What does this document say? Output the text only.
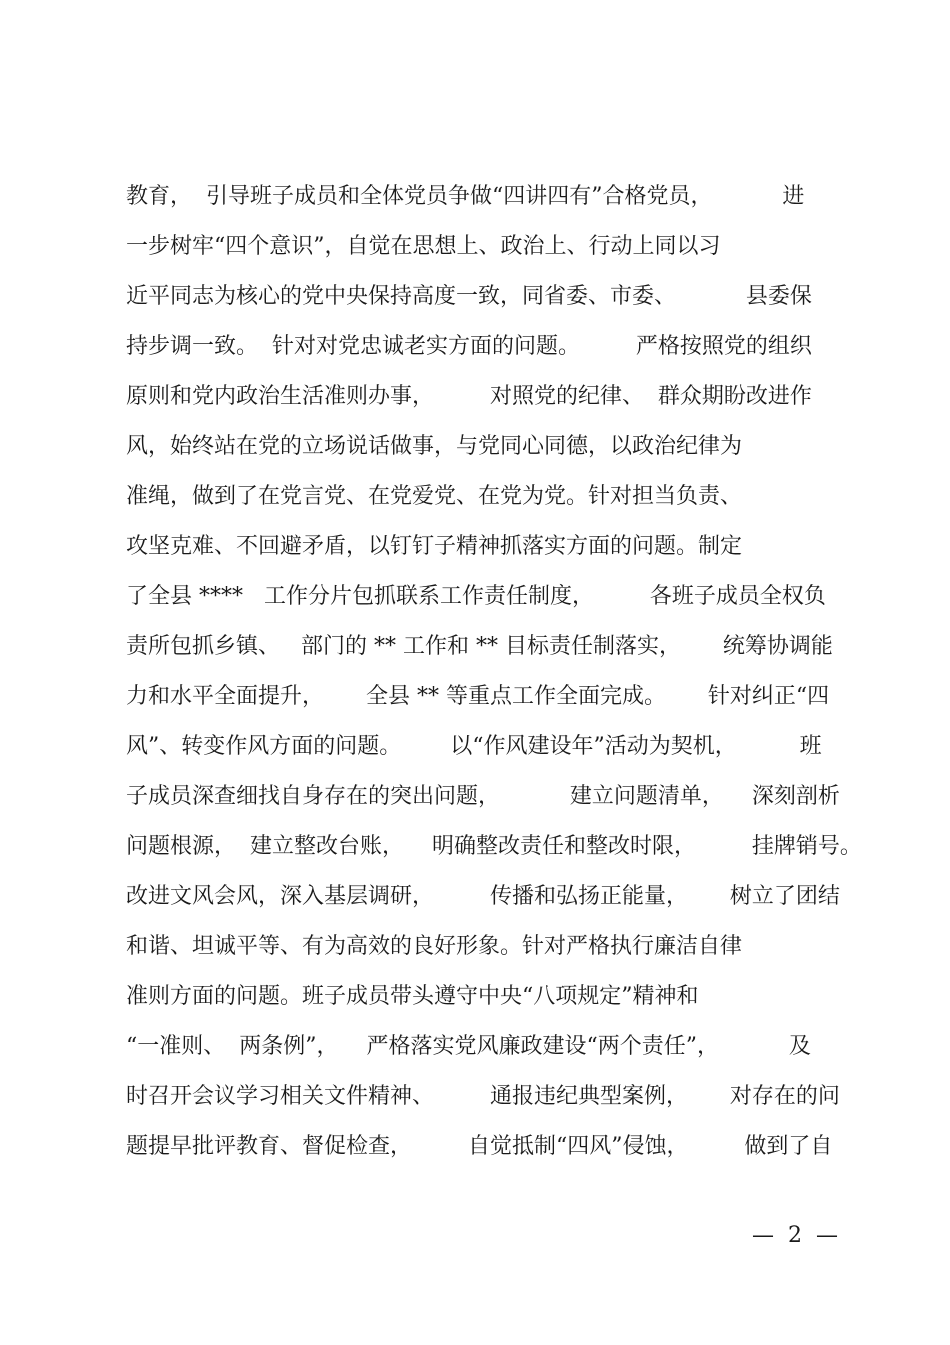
教育，  引导班子成员和全体党员争做“四讲四有”合格党员，          进
一步树牢“四个意识”，自觉在思想上、政治上、行动上同以习
近平同志为核心的党中央保持高度一致，同省委、市委、          县委保
持步调一致。  针对对党忠诚老实方面的问题。        严格按照党的组织
原则和党内政治生活准则办事，        对照党的纪律、  群众期盼改进作
风，始终站在党的立场说话做事，与党同心同德，以政治纪律为
准绳，做到了在党言党、在党爱党、在党为党。针对担当负责、
攻坚克难、不回避矛盾，以钉钉子精神抓落实方面的问题。制定
了全县 ****   工作分片包抓联系工作责任制度，        各班子成员全权负
责所包抓乡镇、   部门的 ** 工作和 ** 目标责任制落实，      统筹协调能
力和水平全面提升，      全县 ** 等重点工作全面完成。      针对纠正“四
风”、转变作风方面的问题。       以“作风建设年”活动为契机，         班
子成员深查细找自身存在的突出问题，          建立问题清单，    深刻剖析
问题根源，  建立整改台账，    明确整改责任和整改时限，        挂牌销号。
改进文风会风，深入基层调研，        传播和弘扬正能量，      树立了团结
和谐、坦诚平等、有为高效的良好形象。针对严格执行廉洁自律
准则方面的问题。班子成员带头遵守中央“八项规定”精神和
“一准则、  两条例”，    严格落实党风廉政建设“两个责任”，          及
时召开会议学习相关文件精神、        通报违纪典型案例，      对存在的问
题提早批评教育、督促检查，        自觉抵制“四风”侵蚀，        做到了自
—  2  —
